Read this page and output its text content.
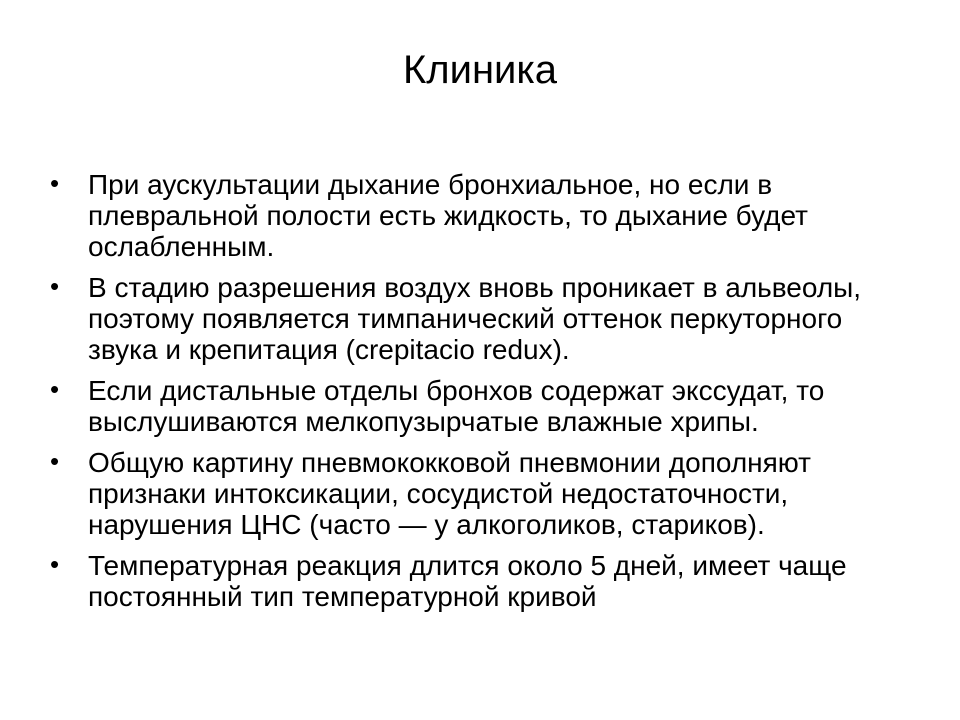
Клиника
• При аускультации дыхание бронхиальное, но если в плевральной полости есть жидкость, то дыхание будет ослабленным.
• В стадию разрешения воздух вновь проникает в альвеолы, поэтому появляется тимпанический оттенок перкуторного звука и крепитация (crepitacio redux).
• Если дистальные отделы бронхов содержат экссудат, то выслушиваются мелкопузырчатые влажные хрипы.
• Общую картину пневмококковой пневмонии дополняют признаки интоксикации, сосудистой недостаточности, нарушения ЦНС (часто — у алкоголиков, стариков).
• Температурная реакция длится около 5 дней, имеет чаще постоянный тип температурной кривой
